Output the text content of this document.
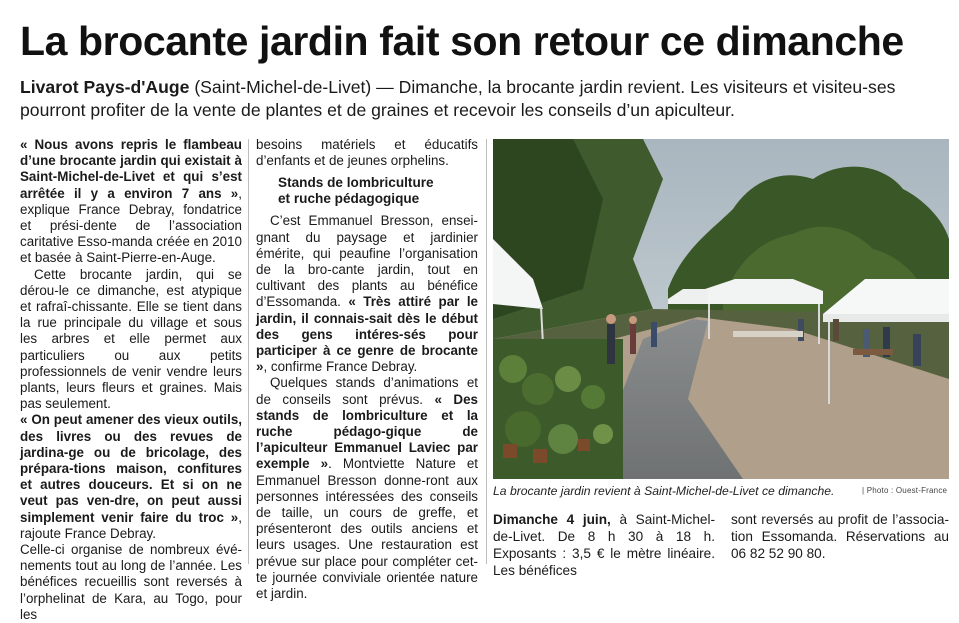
La brocante jardin fait son retour ce dimanche

Livarot Pays-d'Auge (Saint-Michel-de-Livet) — Dimanche, la brocante jardin revient. Les visiteurs et visiteu-ses pourront profiter de la vente de plantes et de graines et recevoir les conseils d’un apiculteur.

« Nous avons repris le flambeau d’une brocante jardin qui existait à Saint-Michel-de-Livet et qui s’est arrêtée il y a environ 7 ans », explique France Debray, fondatrice et prési-dente de l’association caritative Esso-manda créée en 2010 et basée à Saint-Pierre-en-Auge.

Cette brocante jardin, qui se dérou-le ce dimanche, est atypique et rafraî-chissante. Elle se tient dans la rue principale du village et sous les arbres et elle permet aux particuliers ou aux petits professionnels de venir vendre leurs plants, leurs fleurs et graines. Mais pas seulement.

« On peut amener des vieux outils, des livres ou des revues de jardina-ge ou de bricolage, des prépara-tions maison, confitures et autres douceurs. Et si on ne veut pas ven-dre, on peut aussi simplement venir faire du troc », rajoute France Debray.

Celle-ci organise de nombreux évé-nements tout au long de l’année. Les bénéfices recueillis sont reversés à l’orphelinat de Kara, au Togo, pour les

besoins matériels et éducatifs d’enfants et de jeunes orphelins.

Stands de lombriculture
et ruche pédagogique

C’est Emmanuel Bresson, ensei-gnant du paysage et jardinier émérite, qui peaufine l’organisation de la bro-cante jardin, tout en cultivant des plants au bénéfice d’Essomanda. « Très attiré par le jardin, il connais-sait dès le début des gens intéres-sés pour participer à ce genre de brocante », confirme France Debray.

Quelques stands d’animations et de conseils sont prévus. « Des stands de lombriculture et la ruche pédago-gique de l’apiculteur Emmanuel Laviec par exemple ». Montviette Nature et Emmanuel Bresson donne-ront aux personnes intéressées des conseils de taille, un cours de greffe, et présenteront des outils anciens et leurs usages. Une restauration est prévue sur place pour compléter cet-te journée conviviale orientée nature et jardin.

La brocante jardin revient à Saint-Michel-de-Livet ce dimanche.	| Photo : Ouest-France

Dimanche 4 juin, à Saint-Michel-de-Livet. De 8 h 30 à 18 h. Exposants : 3,5 € le mètre linéaire. Les bénéfices

sont reversés au profit de l’associa-tion Essomanda. Réservations au 06 82 52 90 80.
